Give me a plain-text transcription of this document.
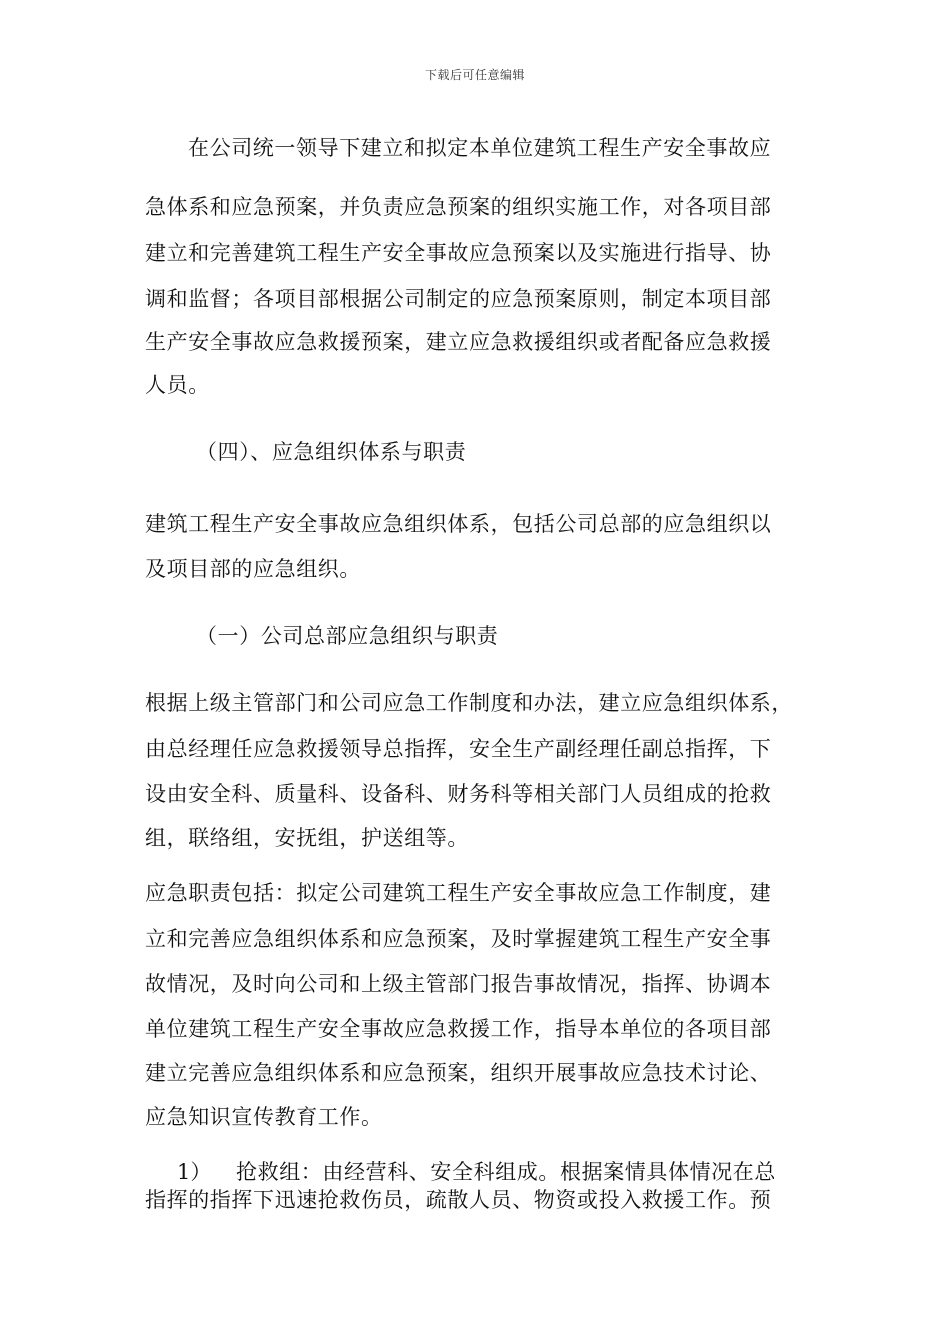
下载后可任意编辑
在公司统一领导下建立和拟定本单位建筑工程生产安全事故应
急体系和应急预案，并负责应急预案的组织实施工作，对各项目部
建立和完善建筑工程生产安全事故应急预案以及实施进行指导、协
调和监督；各项目部根据公司制定的应急预案原则，制定本项目部
生产安全事故应急救援预案，建立应急救援组织或者配备应急救援
人员。
（四）、应急组织体系与职责
建筑工程生产安全事故应急组织体系，包括公司总部的应急组织以
及项目部的应急组织。
（一）公司总部应急组织与职责
根据上级主管部门和公司应急工作制度和办法，建立应急组织体系，
由总经理任应急救援领导总指挥，安全生产副经理任副总指挥，下
设由安全科、质量科、设备科、财务科等相关部门人员组成的抢救
组，联络组，安抚组，护送组等。
应急职责包括：拟定公司建筑工程生产安全事故应急工作制度，建
立和完善应急组织体系和应急预案，及时掌握建筑工程生产安全事
故情况，及时向公司和上级主管部门报告事故情况，指挥、协调本
单位建筑工程生产安全事故应急救援工作，指导本单位的各项目部
建立完善应急组织体系和应急预案，组织开展事故应急技术讨论、
应急知识宣传教育工作。
1） 抢救组：由经营科、安全科组成。根据案情具体情况在总
指挥的指挥下迅速抢救伤员，疏散人员、物资或投入救援工作。预
